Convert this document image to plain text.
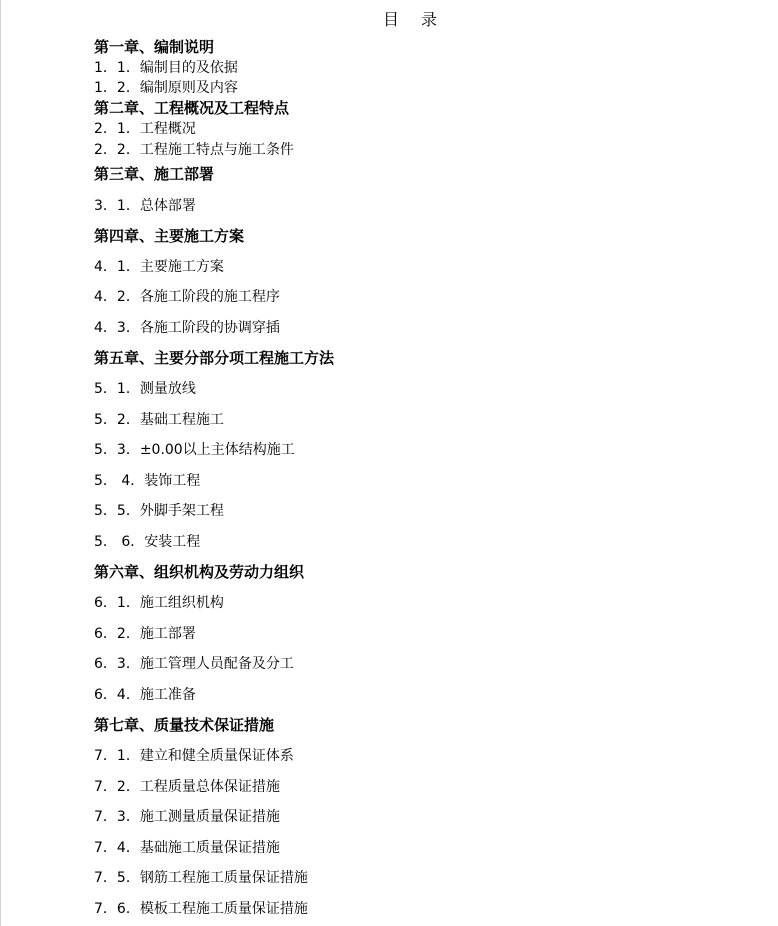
目 录
第一章、编制说明
1．1．编制目的及依据
1．2．编制原则及内容
第二章、工程概况及工程特点
2．1．工程概况
2．2．工程施工特点与施工条件
第三章、施工部署
3．1．总体部署
第四章、主要施工方案
4．1．主要施工方案
4．2．各施工阶段的施工程序
4．3．各施工阶段的协调穿插
第五章、主要分部分项工程施工方法
5．1．测量放线
5．2．基础工程施工
5．3．±0.00以上主体结构施工
5． 4．装饰工程
5．5．外脚手架工程
5． 6．安装工程
第六章、组织机构及劳动力组织
6．1．施工组织机构
6．2．施工部署
6．3．施工管理人员配备及分工
6．4．施工准备
第七章、质量技术保证措施
7．1．建立和健全质量保证体系
7．2．工程质量总体保证措施
7．3．施工测量质量保证措施
7．4．基础施工质量保证措施
7．5．钢筋工程施工质量保证措施
7．6．模板工程施工质量保证措施
